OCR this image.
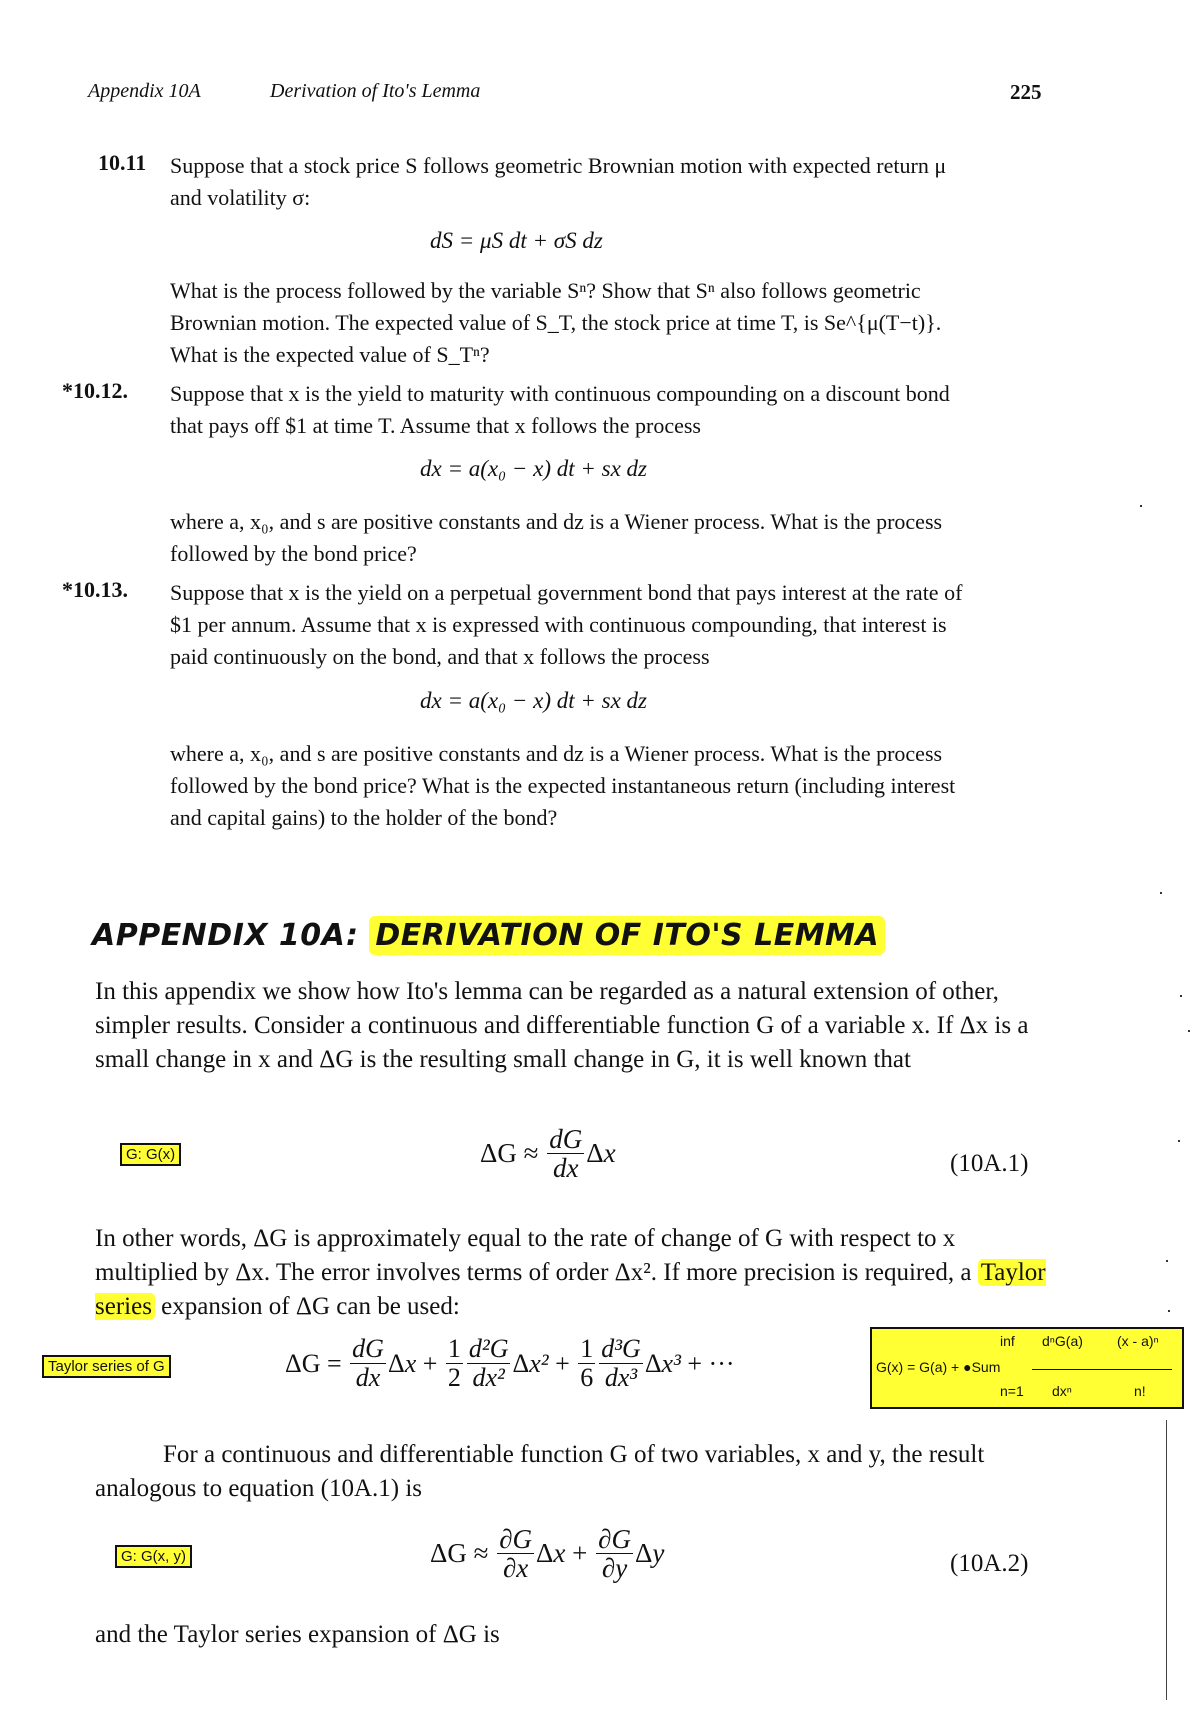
Appendix 10A	Derivation of Ito's Lemma	225
10.11 Suppose that a stock price S follows geometric Brownian motion with expected return μ and volatility σ:
dS = μS dt + σS dz
What is the process followed by the variable Sⁿ? Show that Sⁿ also follows geometric Brownian motion. The expected value of S_T, the stock price at time T, is Se^{μ(T−t)}. What is the expected value of S_Tⁿ?
*10.12. Suppose that x is the yield to maturity with continuous compounding on a discount bond that pays off $1 at time T. Assume that x follows the process
dx = a(x₀ − x) dt + sx dz
where a, x₀, and s are positive constants and dz is a Wiener process. What is the process followed by the bond price?
*10.13. Suppose that x is the yield on a perpetual government bond that pays interest at the rate of $1 per annum. Assume that x is expressed with continuous compounding, that interest is paid continuously on the bond, and that x follows the process
dx = a(x₀ − x) dt + sx dz
where a, x₀, and s are positive constants and dz is a Wiener process. What is the process followed by the bond price? What is the expected instantaneous return (including interest and capital gains) to the holder of the bond?
APPENDIX 10A: DERIVATION OF ITO'S LEMMA
In this appendix we show how Ito's lemma can be regarded as a natural extension of other, simpler results. Consider a continuous and differentiable function G of a variable x. If Δx is a small change in x and ΔG is the resulting small change in G, it is well known that
G: G(x)	$\Delta G \approx \frac{dG}{dx}$ Δ x	(10A.1)
In other words, ΔG is approximately equal to the rate of change of G with respect to x multiplied by Δx. The error involves terms of order Δx². If more precision is required, a Taylor series expansion of ΔG can be used:
Taylor series of G	$\Delta G = \frac{dG}{dx}$ Δ $x + \frac{1}{2} \frac{\text{d²G}}{\text{dx²}}$ Δ $x^2 + \frac{1}{6} \frac{\text{d³G}}{\text{dx³}}$ Δ x³ + ···
inf dⁿG(a) (x - a)ⁿ
G(x) = G(a) + ●Sum
n=1 dxⁿ	n!
For a continuous and differentiable function G of two variables, x and y, the result analogous to equation (10A.1) is
G: G(x, y)	$\Delta G \approx \frac{\partial G}{\partial x}$ Δ $x + \frac{\partial G}{\partial y}$ Δ y	(10A.2)
and the Taylor series expansion of ΔG is
